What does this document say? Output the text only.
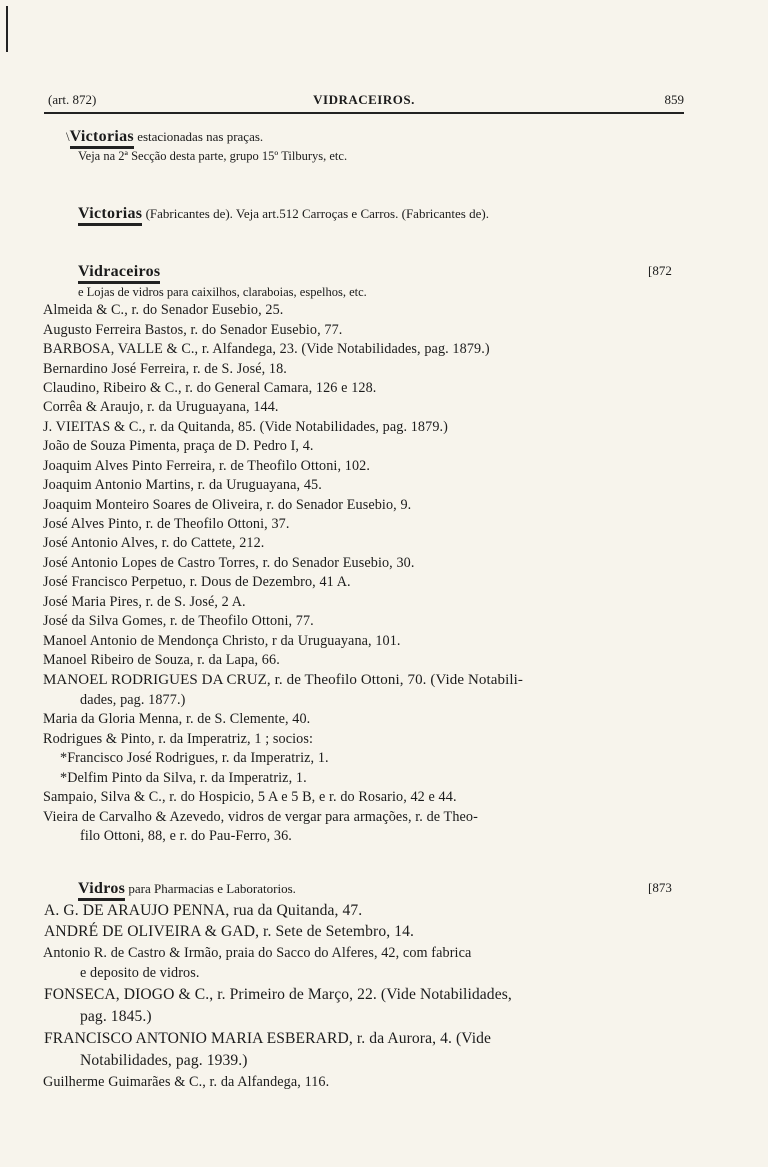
(art. 872)	VIDRACEIROS.	859
\Victorias estacionadas nas praças.
Veja na 2ª Secção desta parte, grupo 15º Tilburys, etc.
Victorias (Fabricantes de). Veja art.512 Carroças e Carros. (Fabricantes de).
Vidraceiros	[872
e Lojas de vidros para caixilhos, claraboias, espelhos, etc.
Almeida & C., r. do Senador Eusebio, 25.
Augusto Ferreira Bastos, r. do Senador Eusebio, 77.
BARBOSA, VALLE & C., r. Alfandega, 23. (Vide Notabilidades, pag. 1879.)
Bernardino José Ferreira, r. de S. José, 18.
Claudino, Ribeiro & C., r. do General Camara, 126 e 128.
Corrêa & Araujo, r. da Uruguayana, 144.
J. VIEITAS & C., r. da Quitanda, 85. (Vide Notabilidades, pag. 1879.)
João de Souza Pimenta, praça de D. Pedro I, 4.
Joaquim Alves Pinto Ferreira, r. de Theofilo Ottoni, 102.
Joaquim Antonio Martins, r. da Uruguayana, 45.
Joaquim Monteiro Soares de Oliveira, r. do Senador Eusebio, 9.
José Alves Pinto, r. de Theofilo Ottoni, 37.
José Antonio Alves, r. do Cattete, 212.
José Antonio Lopes de Castro Torres, r. do Senador Eusebio, 30.
José Francisco Perpetuo, r. Dous de Dezembro, 41 A.
José Maria Pires, r. de S. José, 2 A.
José da Silva Gomes, r. de Theofilo Ottoni, 77.
Manoel Antonio de Mendonça Christo, r da Uruguayana, 101.
Manoel Ribeiro de Souza, r. da Lapa, 66.
MANOEL RODRIGUES DA CRUZ, r. de Theofilo Ottoni, 70. (Vide Notabili-
dades, pag. 1877.)
Maria da Gloria Menna, r. de S. Clemente, 40.
Rodrigues & Pinto, r. da Imperatriz, 1 ; socios:
*Francisco José Rodrigues, r. da Imperatriz, 1.
*Delfim Pinto da Silva, r. da Imperatriz, 1.
Sampaio, Silva & C., r. do Hospicio, 5 A e 5 B, e r. do Rosario, 42 e 44.
Vieira de Carvalho & Azevedo, vidros de vergar para armações, r. de Theo-
filo Ottoni, 88, e r. do Pau-Ferro, 36.
Vidros para Pharmacias e Laboratorios.	[873
A. G. DE ARAUJO PENNA, rua da Quitanda, 47.
ANDRÉ DE OLIVEIRA & GAD, r. Sete de Setembro, 14.
Antonio R. de Castro & Irmão, praia do Sacco do Alferes, 42, com fabrica
e deposito de vidros.
FONSECA, DIOGO & C., r. Primeiro de Março, 22. (Vide Notabilidades,
pag. 1845.)
FRANCISCO ANTONIO MARIA ESBERARD, r. da Aurora, 4. (Vide
Notabilidades, pag. 1939.)
Guilherme Guimarães & C., r. da Alfandega, 116.
